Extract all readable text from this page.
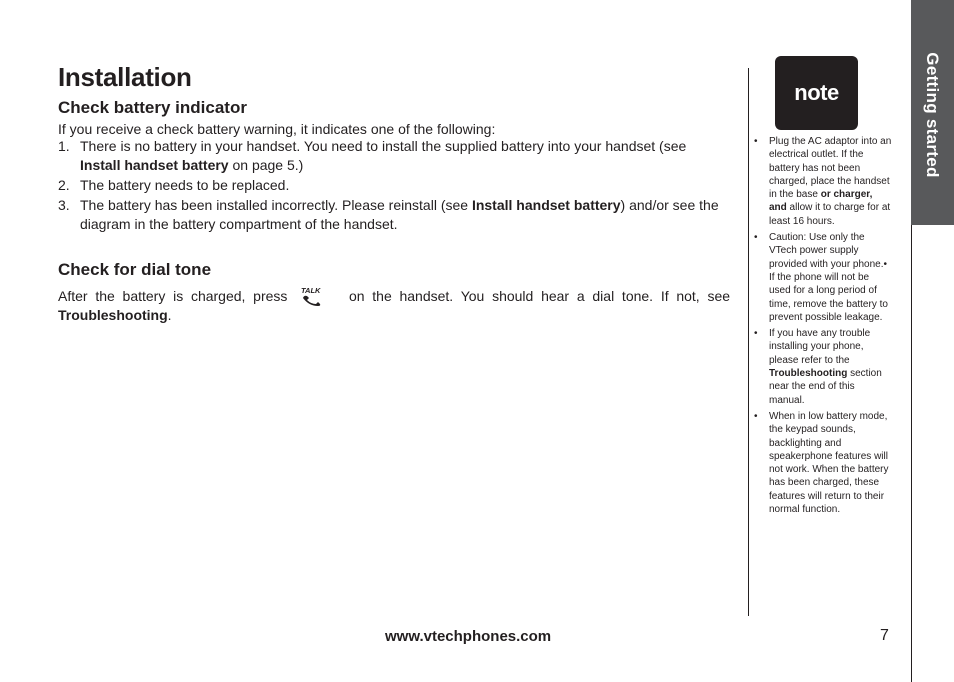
Installation
Check battery indicator

If you receive a check battery warning, it indicates one of the following:

1. There is no battery in your handset. You need to install the supplied battery into your handset (see Install handset battery on page 5.)
2. The battery needs to be replaced.
3. The battery has been installed incorrectly. Please reinstall (see Install handset battery) and/or see the diagram in the battery compartment of the handset.
Check for dial tone

After the battery is charged, press TALK on the handset. You should hear a dial tone. If not, see Troubleshooting.

note
• Plug the AC adaptor into an electrical outlet. If the battery has not been charged, place the handset in the base or charger, and allow it to charge for at least 16 hours.
• Caution: Use only the VTech power supply provided with your phone.• If the phone will not be used for a long period of time, remove the battery to prevent possible leakage.
• If you have any trouble installing your phone, please refer to the Troubleshooting section near the end of this manual.
• When in low battery mode, the keypad sounds, backlighting and speakerphone features will not work. When the battery has been charged, these features will return to their normal function.
Getting started

www.vtechphones.com	7
